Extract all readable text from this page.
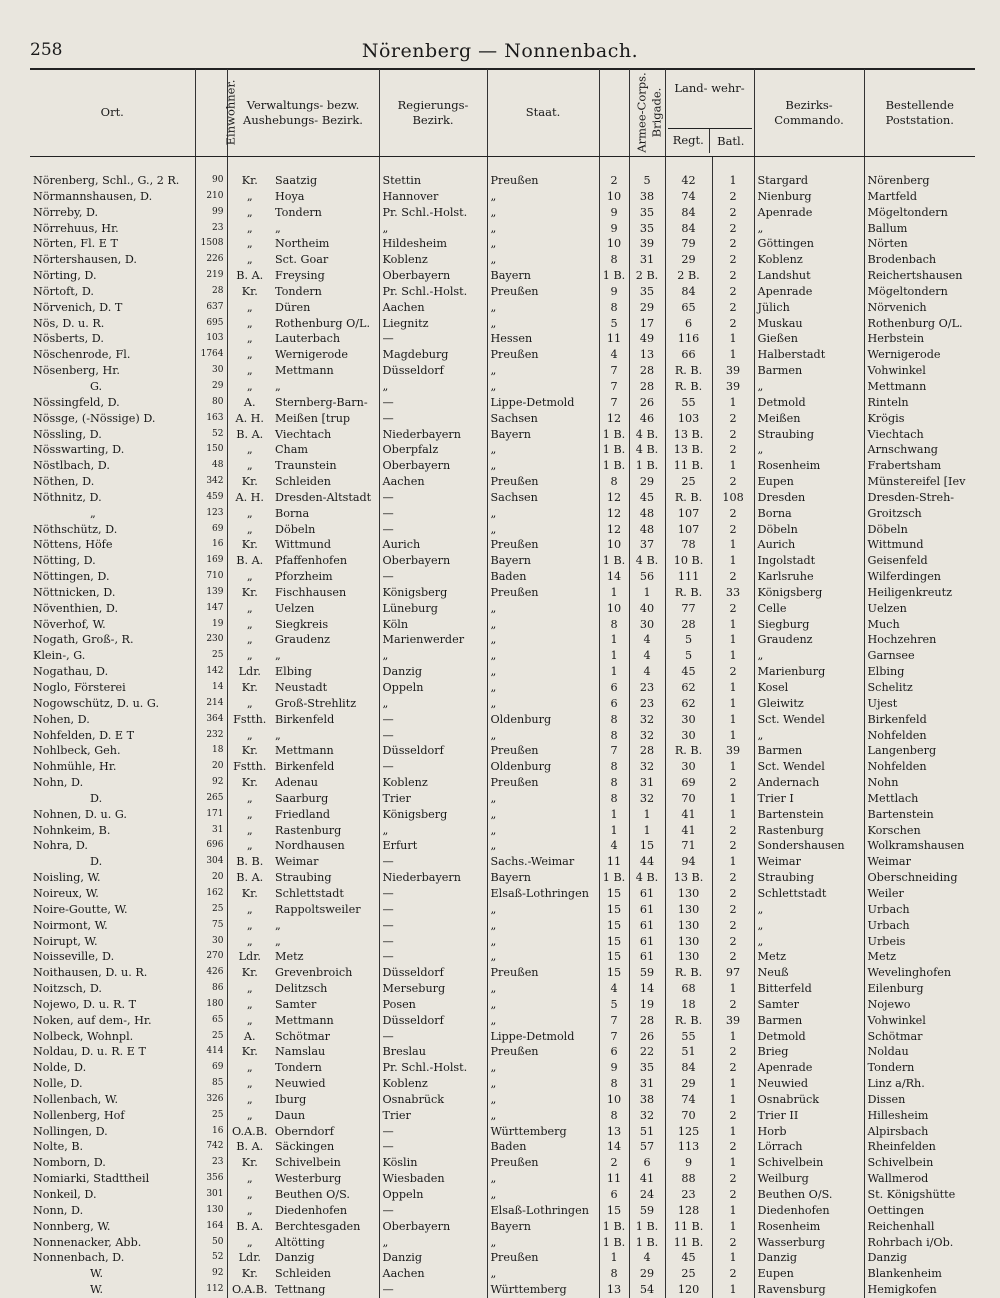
258	Nörenberg — Nonnenbach.
Ort.	Einwohner.	Verwaltungs- bezw. Aushebungs- Bezirk.		Regierungs- Bezirk.	Staat.	Armee-Corps.	Brigade.	Land- wehr-
Regt. Batl.		Bezirks- Commando.	Bestellende Poststation.
Nörenberg, Schl., G., 2 R.	90	Kr.	Saatzig	Stettin	Preußen	2	5	42	1	Stargard	Nörenberg
Nörmannshausen, D.	210	„	Hoya	Hannover	„	10	38	74	2	Nienburg	Martfeld
Nörreby, D.	99	„	Tondern	Pr. Schl.-Holst.	„	9	35	84	2	Apenrade	Mögeltondern
Nörrehuus, Hr.	23	„	„	„	„	9	35	84	2	„	Ballum
Nörten, Fl. E T	1508	„	Northeim	Hildesheim	„	10	39	79	2	Göttingen	Nörten
Nörtershausen, D.	226	„	Sct. Goar	Koblenz	„	8	31	29	2	Koblenz	Brodenbach
Nörting, D.	219	B. A.	Freysing	Oberbayern	Bayern	1 B.	2 B.	2 B.	2	Landshut	Reichertshausen
Nörtoft, D.	28	Kr.	Tondern	Pr. Schl.-Holst.	Preußen	9	35	84	2	Apenrade	Mögeltondern
Nörvenich, D. T	637	„	Düren	Aachen	„	8	29	65	2	Jülich	Nörvenich
Nös, D. u. R.	695	„	Rothenburg O/L.	Liegnitz	„	5	17	6	2	Muskau	Rothenburg O/L.
Nösberts, D.	103	„	Lauterbach	—	Hessen	11	49	116	1	Gießen	Herbstein
Nöschenrode, Fl.	1764	„	Wernigerode	Magdeburg	Preußen	4	13	66	1	Halberstadt	Wernigerode
Nösenberg, Hr.	30	„	Mettmann	Düsseldorf	„	7	28	R. B.	39	Barmen	Vohwinkel
G.	29	„	„	„	„	7	28	R. B.	39	„	Mettmann
Nössingfeld, D.	80	A.	Sternberg-Barn-	—	Lippe-Detmold	7	26	55	1	Detmold	Rinteln
Nössge, (-Nössige) D.	163	A. H.	Meißen [trup	—	Sachsen	12	46	103	2	Meißen	Krögis
Nössling, D.	52	B. A.	Viechtach	Niederbayern	Bayern	1 B.	4 B.	13 B.	2	Straubing	Viechtach
Nösswarting, D.	150	„	Cham	Oberpfalz	„	1 B.	4 B.	13 B.	2	„	Arnschwang
Nöstlbach, D.	48	„	Traunstein	Oberbayern	„	1 B.	1 B.	11 B.	1	Rosenheim	Frabertsham
Nöthen, D.	342	Kr.	Schleiden	Aachen	Preußen	8	29	25	2	Eupen	Münstereifel [Iev
Nöthnitz, D.	459	A. H.	Dresden-Altstadt	—	Sachsen	12	45	R. B.	108	Dresden	Dresden-Streh-
„	123	„	Borna	—	„	12	48	107	2	Borna	Groitzsch
Nöthschütz, D.	69	„	Döbeln	—	„	12	48	107	2	Döbeln	Döbeln
Nöttens, Höfe	16	Kr.	Wittmund	Aurich	Preußen	10	37	78	1	Aurich	Wittmund
Nötting, D.	169	B. A.	Pfaffenhofen	Oberbayern	Bayern	1 B.	4 B.	10 B.	1	Ingolstadt	Geisenfeld
Nöttingen, D.	710	„	Pforzheim	—	Baden	14	56	111	2	Karlsruhe	Wilferdingen
Nöttnicken, D.	139	Kr.	Fischhausen	Königsberg	Preußen	1	1	R. B.	33	Königsberg	Heiligenkreutz
Növenthien, D.	147	„	Uelzen	Lüneburg	„	10	40	77	2	Celle	Uelzen
Növerhof, W.	19	„	Siegkreis	Köln	„	8	30	28	1	Siegburg	Much
Nogath, Groß-, R.	230	„	Graudenz	Marienwerder	„	1	4	5	1	Graudenz	Hochzehren
Klein-, G.	25	„	„	„	„	1	4	5	1	„	Garnsee
Nogathau, D.	142	Ldr.	Elbing	Danzig	„	1	4	45	2	Marienburg	Elbing
Noglo, Försterei	14	Kr.	Neustadt	Oppeln	„	6	23	62	1	Kosel	Schelitz
Nogowschütz, D. u. G.	214	„	Groß-Strehlitz	„	„	6	23	62	1	Gleiwitz	Ujest
Nohen, D.	364	Fstth.	Birkenfeld	—	Oldenburg	8	32	30	1	Sct. Wendel	Birkenfeld
Nohfelden, D. E T	232	„	„	—	„	8	32	30	1	„	Nohfelden
Nohlbeck, Geh.	18	Kr.	Mettmann	Düsseldorf	Preußen	7	28	R. B.	39	Barmen	Langenberg
Nohmühle, Hr.	20	Fstth.	Birkenfeld	—	Oldenburg	8	32	30	1	Sct. Wendel	Nohfelden
Nohn, D.	92	Kr.	Adenau	Koblenz	Preußen	8	31	69	2	Andernach	Nohn
D.	265	„	Saarburg	Trier	„	8	32	70	1	Trier I	Mettlach
Nohnen, D. u. G.	171	„	Friedland	Königsberg	„	1	1	41	1	Bartenstein	Bartenstein
Nohnkeim, B.	31	„	Rastenburg	„	„	1	1	41	2	Rastenburg	Korschen
Nohra, D.	696	„	Nordhausen	Erfurt	„	4	15	71	2	Sondershausen	Wolkramshausen
D.	304	B. B.	Weimar	—	Sachs.-Weimar	11	44	94	1	Weimar	Weimar
Noisling, W.	20	B. A.	Straubing	Niederbayern	Bayern	1 B.	4 B.	13 B.	2	Straubing	Oberschneiding
Noireux, W.	162	Kr.	Schlettstadt	—	Elsaß-Lothringen	15	61	130	2	Schlettstadt	Weiler
Noire-Goutte, W.	25	„	Rappoltsweiler	—	„	15	61	130	2	„	Urbach
Noirmont, W.	75	„	„	—	„	15	61	130	2	„	Urbach
Noirupt, W.	30	„	„	—	„	15	61	130	2	„	Urbeis
Noisseville, D.	270	Ldr.	Metz	—	„	15	61	130	2	Metz	Metz
Noithausen, D. u. R.	426	Kr.	Grevenbroich	Düsseldorf	Preußen	15	59	R. B.	97	Neuß	Wevelinghofen
Noitzsch, D.	86	„	Delitzsch	Merseburg	„	4	14	68	1	Bitterfeld	Eilenburg
Nojewo, D. u. R. T	180	„	Samter	Posen	„	5	19	18	2	Samter	Nojewo
Noken, auf dem-, Hr.	65	„	Mettmann	Düsseldorf	„	7	28	R. B.	39	Barmen	Vohwinkel
Nolbeck, Wohnpl.	25	A.	Schötmar	—	Lippe-Detmold	7	26	55	1	Detmold	Schötmar
Noldau, D. u. R. E T	414	Kr.	Namslau	Breslau	Preußen	6	22	51	2	Brieg	Noldau
Nolde, D.	69	„	Tondern	Pr. Schl.-Holst.	„	9	35	84	2	Apenrade	Tondern
Nolle, D.	85	„	Neuwied	Koblenz	„	8	31	29	1	Neuwied	Linz a/Rh.
Nollenbach, W.	326	„	Iburg	Osnabrück	„	10	38	74	1	Osnabrück	Dissen
Nollenberg, Hof	25	„	Daun	Trier	„	8	32	70	2	Trier II	Hillesheim
Nollingen, D.	16	O.A.B.	Oberndorf	—	Württemberg	13	51	125	1	Horb	Alpirsbach
Nolte, B.	742	B. A.	Säckingen	—	Baden	14	57	113	2	Lörrach	Rheinfelden
Nomborn, D.	23	Kr.	Schivelbein	Köslin	Preußen	2	6	9	1	Schivelbein	Schivelbein
Nomiarki, Stadttheil	356	„	Westerburg	Wiesbaden	„	11	41	88	2	Weilburg	Wallmerod
Nonkeil, D.	301	„	Beuthen O/S.	Oppeln	„	6	24	23	2	Beuthen O/S.	St. Königshütte
Nonn, D.	130	„	Diedenhofen	—	Elsaß-Lothringen	15	59	128	1	Diedenhofen	Oettingen
Nonnberg, W.	164	B. A.	Berchtesgaden	Oberbayern	Bayern	1 B.	1 B.	11 B.	1	Rosenheim	Reichenhall
Nonnenacker, Abb.	50	„	Altötting	„	„	1 B.	1 B.	11 B.	2	Wasserburg	Rohrbach i/Ob.
Nonnenbach, D.	52	Ldr.	Danzig	Danzig	Preußen	1	4	45	1	Danzig	Danzig
W.	92	Kr.	Schleiden	Aachen	„	8	29	25	2	Eupen	Blankenheim
W.	112	O.A.B.	Tettnang	—	Württemberg	13	54	120	1	Ravensburg	Hemigkofen
